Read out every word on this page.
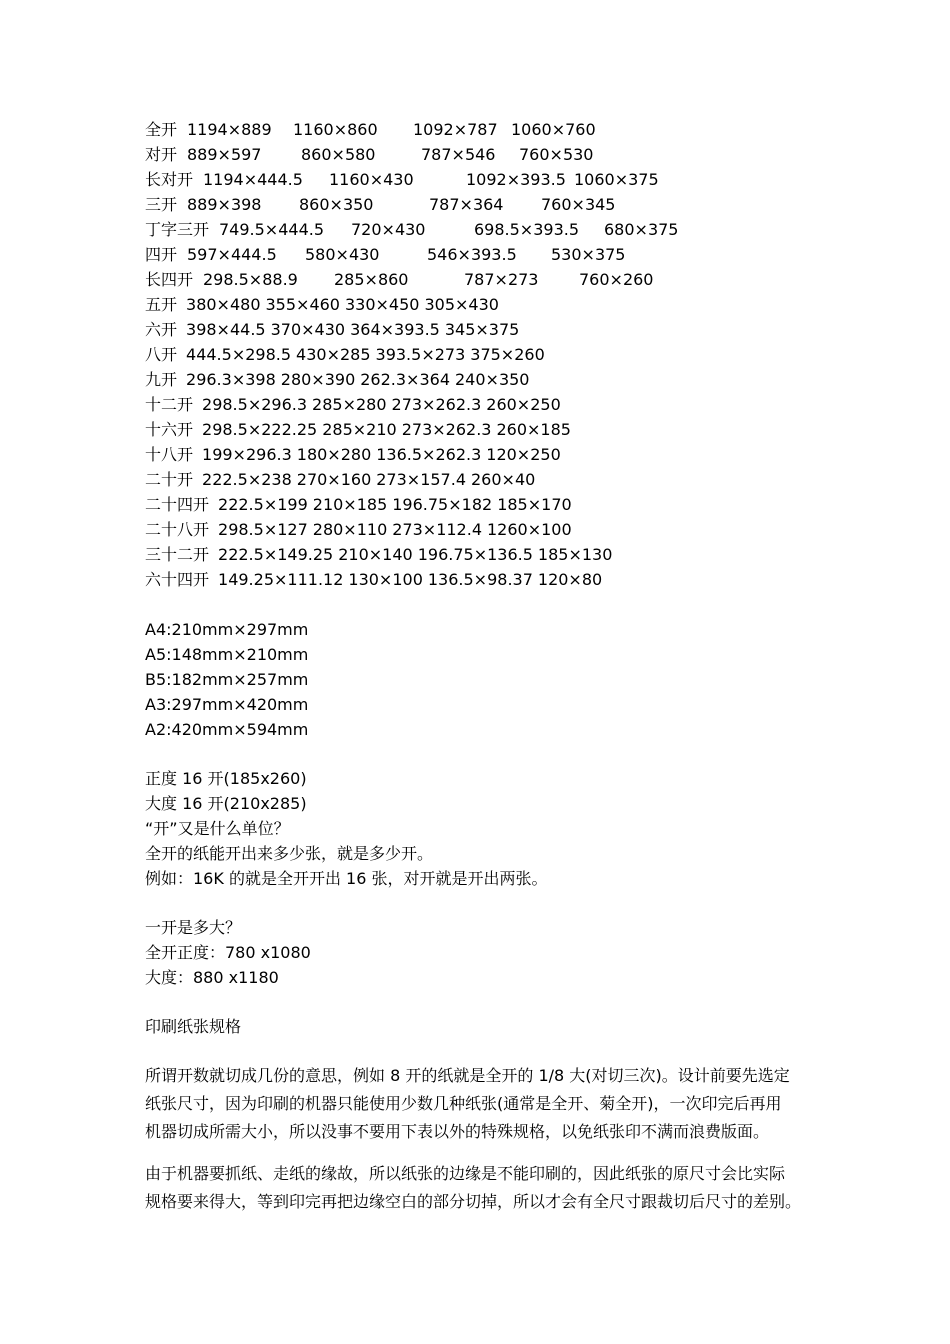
全开 1194×889 1160×860 1092×787 1060×760
对开 889×597 860×580	787×546 760×530
长对开 1194×444.5 1160×430	1092×393.5 1060×375
三开 889×398 860×350	787×364 760×345
丁字三开 749.5×444.5 720×430	698.5×393.5 680×375
四开 597×444.5 580×430	546×393.5 530×375
长四开 298.5×88.9 285×860	787×273	760×260
五开 380×480 355×460 330×450 305×430
六开 398×44.5 370×430 364×393.5 345×375
八开 444.5×298.5 430×285 393.5×273 375×260
九开 296.3×398 280×390 262.3×364 240×350
十二开 298.5×296.3 285×280 273×262.3 260×250
十六开 298.5×222.25 285×210 273×262.3 260×185
十八开 199×296.3 180×280 136.5×262.3 120×250
二十开 222.5×238 270×160 273×157.4 260×40
二十四开 222.5×199 210×185 196.75×182 185×170
二十八开 298.5×127 280×110 273×112.4 1260×100
三十二开 222.5×149.25 210×140 196.75×136.5 185×130
六十四开 149.25×111.12 130×100 136.5×98.37 120×80
A4:210mm×297mm
A5:148mm×210mm
B5:182mm×257mm
A3:297mm×420mm
A2:420mm×594mm
正度 16 开(185x260)
大度 16 开(210x285)
“开”又是什么单位？
全开的纸能开出来多少张，就是多少开。
例如：16K 的就是全开开出 16 张，对开就是开出两张。
一开是多大？
全开正度：780 x1080
大度：880 x1180
印刷纸张规格
所谓开数就切成几份的意思，例如 8 开的纸就是全开的 1/8 大(对切三次)。设计前要先选定
纸张尺寸，因为印刷的机器只能使用少数几种纸张(通常是全开、菊全开)，一次印完后再用
机器切成所需大小，所以没事不要用下表以外的特殊规格，以免纸张印不满而浪费版面。
由于机器要抓纸、走纸的缘故，所以纸张的边缘是不能印刷的，因此纸张的原尺寸会比实际
规格要来得大，等到印完再把边缘空白的部分切掉，所以才会有全尺寸跟裁切后尺寸的差别。
